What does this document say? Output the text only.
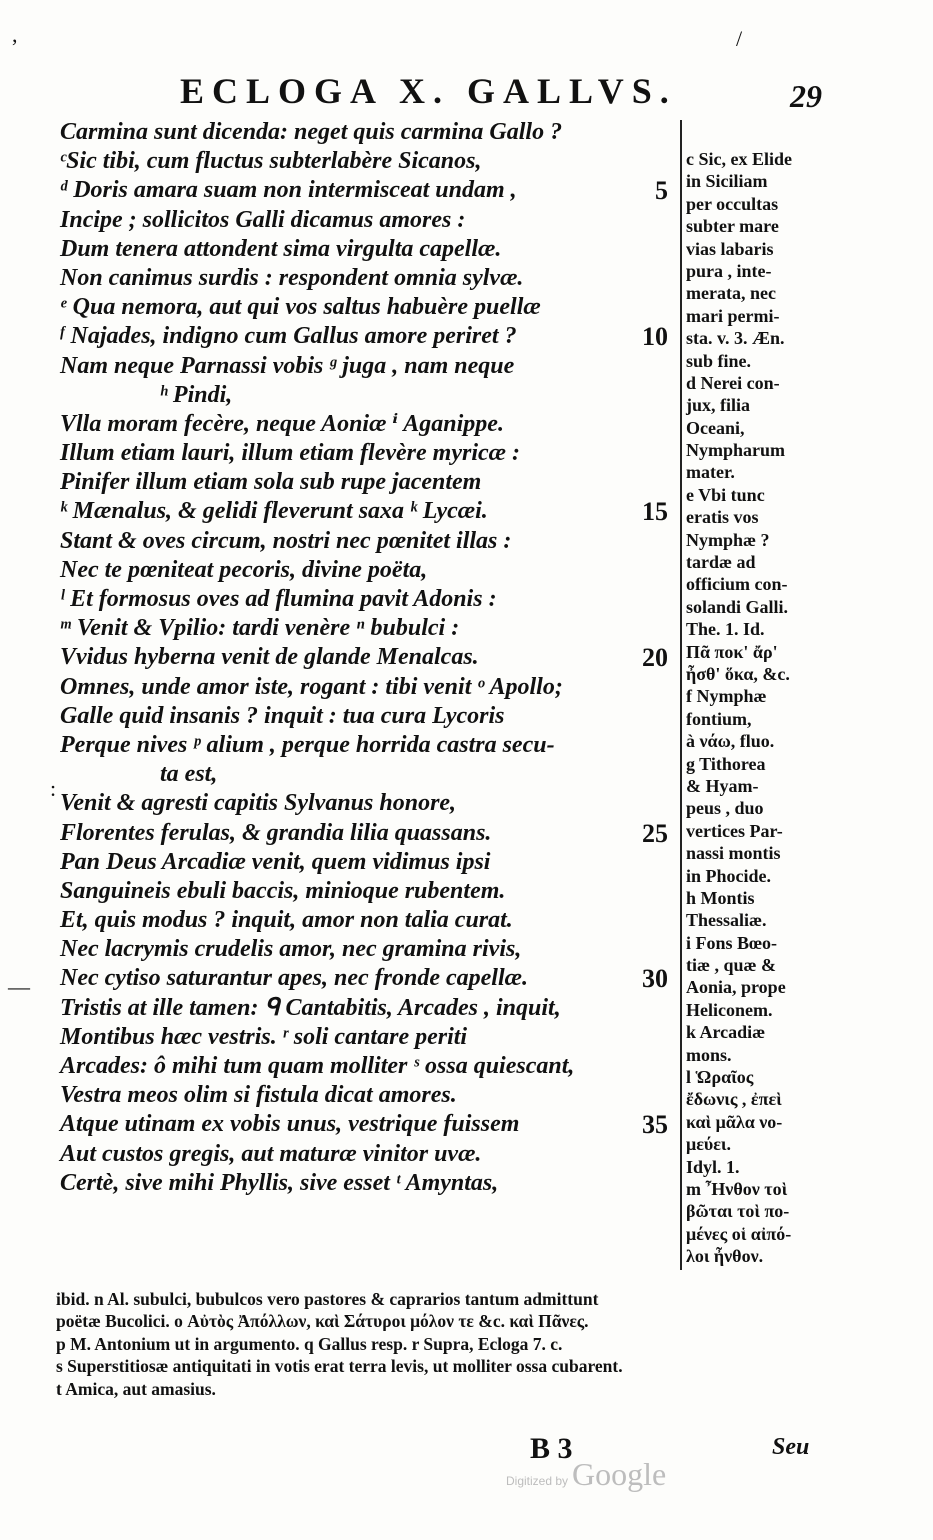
ECLOGA X. GALLVS.	29
Carmina sunt dicenda: neget quis carmina Gallo ?
ᶜSic tibi, cum fluctus subterlabère Sicanos,
ᵈ Doris amara suam non intermisceat undam ,	5
Incipe ; sollicitos Galli dicamus amores :
Dum tenera attondent sima virgulta capellæ.
Non canimus surdis : respondent omnia sylvæ.
ᵉ Qua nemora, aut qui vos saltus habuère puellæ
ᶠ Najades, indigno cum Gallus amore periret ?	10
Nam neque Parnassi vobis ᵍ juga , nam neque
ʰ Pindi,
Vlla moram fecère, neque Aoniæ ⁱ Aganippe.
Illum etiam lauri, illum etiam flevère myricæ :
Pinifer illum etiam sola sub rupe jacentem
ᵏ Mænalus, & gelidi fleverunt saxa ᵏ Lycæi.	15
Stant & oves circum, nostri nec pœnitet illas :
Nec te pœniteat pecoris, divine poëta,
ˡ Et formosus oves ad flumina pavit Adonis :
ᵐ Venit & Vpilio: tardi venère ⁿ bubulci :
Vvidus hyberna venit de glande Menalcas.	20
Omnes, unde amor iste, rogant : tibi venit ᵒ Apollo;
Galle quid insanis ? inquit : tua cura Lycoris
Perque nives ᵖ alium , perque horrida castra secu-
ta est,
Venit & agresti capitis Sylvanus honore,
Florentes ferulas, & grandia lilia quassans.	25
Pan Deus Arcadiæ venit, quem vidimus ipsi
Sanguineis ebuli baccis, minioque rubentem.
Et, quis modus ? inquit, amor non talia curat.
Nec lacrymis crudelis amor, nec gramina rivis,
Nec cytiso saturantur apes, nec fronde capellæ.	30
Tristis at ille tamen: ᑫ Cantabitis, Arcades , inquit,
Montibus hæc vestris. ʳ soli cantare periti
Arcades: ô mihi tum quam molliter ˢ ossa quiescant,
Vestra meos olim si fistula dicat amores.
Atque utinam ex vobis unus, vestrique fuissem	35
Aut custos gregis, aut maturæ vinitor uvæ.
Certè, sive mihi Phyllis, sive esset ᵗ Amyntas,
c Sic, ex Elide
in Siciliam
per occultas
subter mare
vias labaris
pura , inte-
merata, nec
mari permi-
sta. v. 3. Æn.
sub fine.
d Nerei con-
jux, filia
Oceani,
Nympharum
mater.
e Vbi tunc
eratis vos
Nymphæ ?
tardæ ad
officium con-
solandi Galli.
The. 1. Id.
Πᾶ ποκ' ἄρ'
ἦσθ' ὅκα, &c.
f Nymphæ
fontium,
à νάω, fluo.
g Tithorea
& Hyam-
peus , duo
vertices Par-
nassi montis
in Phocide.
h Montis
Thessaliæ.
i Fons Bœo-
tiæ , quæ &
Aonia, prope
Heliconem.
k Arcadiæ
mons.
l Ὡραῖος
ἔδωνις , ἐπεὶ
καὶ μᾶλα νο-
μεύει.
Idyl. 1.
m Ἦνθον τοὶ
βῶται τοὶ πο-
μένες οἱ αἰπό-
λοι ἦνθον.
ibid. n Al. subulci, bubulcos vero pastores & caprarios tantum admittunt
poëtæ Bucolici. o Αὐτὸς Ἀπόλλων, καὶ Σάτυροι μόλον τε &c. καὶ Πᾶνες.
p M. Antonium ut in argumento. q Gallus resp. r Supra, Ecloga 7. c.
s Superstitiosæ antiquitati in votis erat terra levis, ut molliter ossa cubarent.
t Amica, aut amasius.
B 3	Seu
Digitized by Google
,	/
—
:
